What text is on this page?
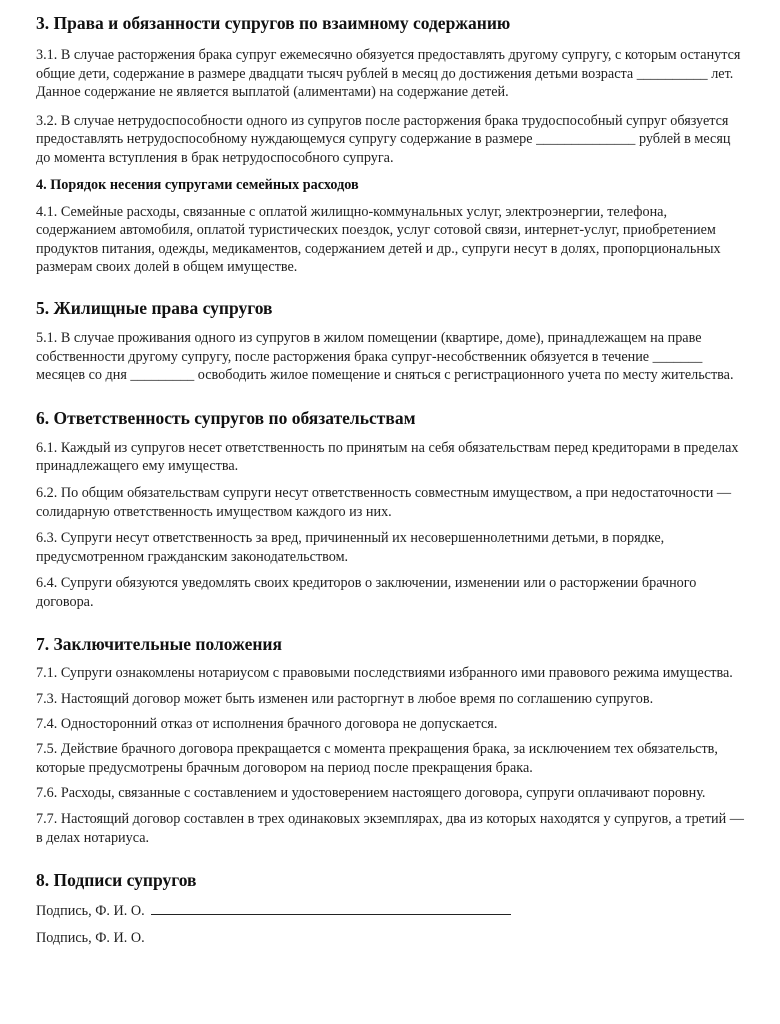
3. Права и обязанности супругов по взаимному содержанию

3.1. В случае расторжения брака супруг ежемесячно обязуется предоставлять другому супругу, с которым останутся общие дети, содержание в размере двадцати тысяч рублей в месяц до достижения детьми возраста __________ лет. Данное содержание не является выплатой (алиментами) на содержание детей.

3.2. В случае нетрудоспособности одного из супругов после расторжения брака трудоспособный супруг обязуется предоставлять нетрудоспособному нуждающемуся супругу содержание в размере ______________ рублей в месяц до момента вступления в брак нетрудоспособного супруга.

4. Порядок несения супругами семейных расходов

4.1. Семейные расходы, связанные с оплатой жилищно-коммунальных услуг, электроэнергии, телефона, содержанием автомобиля, оплатой туристических поездок, услуг сотовой связи, интернет-услуг, приобретением продуктов питания, одежды, медикаментов, содержанием детей и др., супруги несут в долях, пропорциональных размерам своих долей в общем имуществе.

5. Жилищные права супругов

5.1. В случае проживания одного из супругов в жилом помещении (квартире, доме), принадлежащем на праве собственности другому супругу, после расторжения брака супруг-несобственник обязуется в течение _______ месяцев со дня _________ освободить жилое помещение и сняться с регистрационного учета по месту жительства.

6. Ответственность супругов по обязательствам

6.1. Каждый из супругов несет ответственность по принятым на себя обязательствам перед кредиторами в пределах принадлежащего ему имущества.

6.2. По общим обязательствам супруги несут ответственность совместным имуществом, а при недостаточности — солидарную ответственность имуществом каждого из них.

6.3. Супруги несут ответственность за вред, причиненный их несовершеннолетними детьми, в порядке, предусмотренном гражданским законодательством.

6.4. Супруги обязуются уведомлять своих кредиторов о заключении, изменении или о расторжении брачного договора.

7. Заключительные положения

7.1. Супруги ознакомлены нотариусом с правовыми последствиями избранного ими правового режима имущества.

7.3. Настоящий договор может быть изменен или расторгнут в любое время по соглашению супругов.

7.4. Односторонний отказ от исполнения брачного договора не допускается.

7.5. Действие брачного договора прекращается с момента прекращения брака, за исключением тех обязательств, которые предусмотрены брачным договором на период после прекращения брака.

7.6. Расходы, связанные с составлением и удостоверением настоящего договора, супруги оплачивают поровну.

7.7. Настоящий договор составлен в трех одинаковых экземплярах, два из которых находятся у супругов, а третий — в делах нотариуса.

8. Подписи супругов
Подпись, Ф. И. О.
Подпись, Ф. И. О.
